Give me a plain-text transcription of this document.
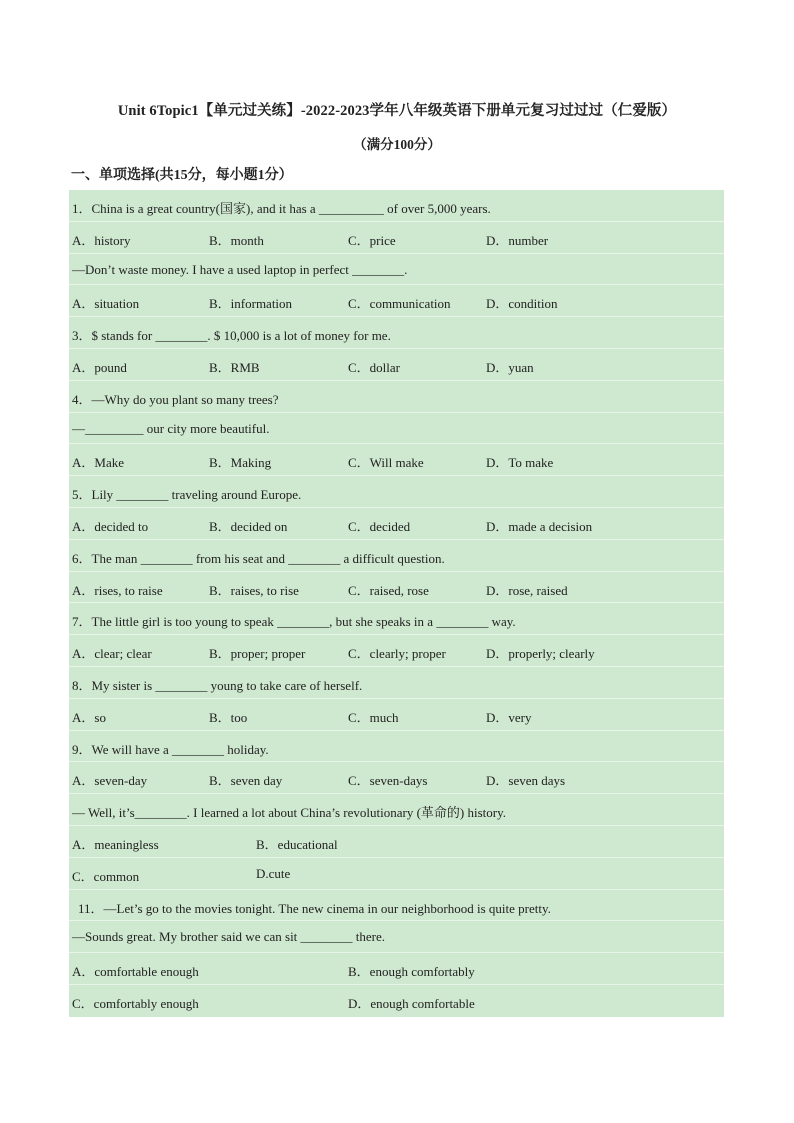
Unit 6Topic1【单元过关练】-2022-2023学年八年级英语下册单元复习过过过（仁爱版）
（满分100分）
一、单项选择(共15分，每小题1分）
1．China is a great country(国家), and it has a __________ of over 5,000 years.
A．history	B．month	C．price	D．number
—Don’t waste money. I have a used laptop in perfect ________.
A．situation	B．information	C．communication	D．condition
3．$ stands for ________. $ 10,000 is a lot of money for me.
A．pound	B．RMB	C．dollar	D．yuan
4．—Why do you plant so many trees?
—_________ our city more beautiful.
A．Make	B．Making	C．Will make	D．To make
5．Lily ________ traveling around Europe.
A．decided to	B．decided on	C．decided	D．made a decision
6．The man ________ from his seat and ________ a difficult question.
A．rises, to raise	B．raises, to rise	C．raised, rose	D．rose, raised
7．The little girl is too young to speak ________, but she speaks in a ________ way.
A．clear; clear	B．proper; proper	C．clearly; proper	D．properly; clearly
8．My sister is ________ young to take care of herself.
A．so	B．too	C．much	D．very
9．We will have a ________ holiday.
A．seven-day	B．seven day	C．seven-days	D．seven days
— Well, it’s________. I learned a lot about China’s revolutionary (革命的) history.
A．meaningless	B．educational
C．common	D.cute
11．—Let’s go to the movies tonight. The new cinema in our neighborhood is quite pretty.
—Sounds great. My brother said we can sit ________ there.
A．comfortable enough	B．enough comfortably
C．comfortably enough	D．enough comfortable
